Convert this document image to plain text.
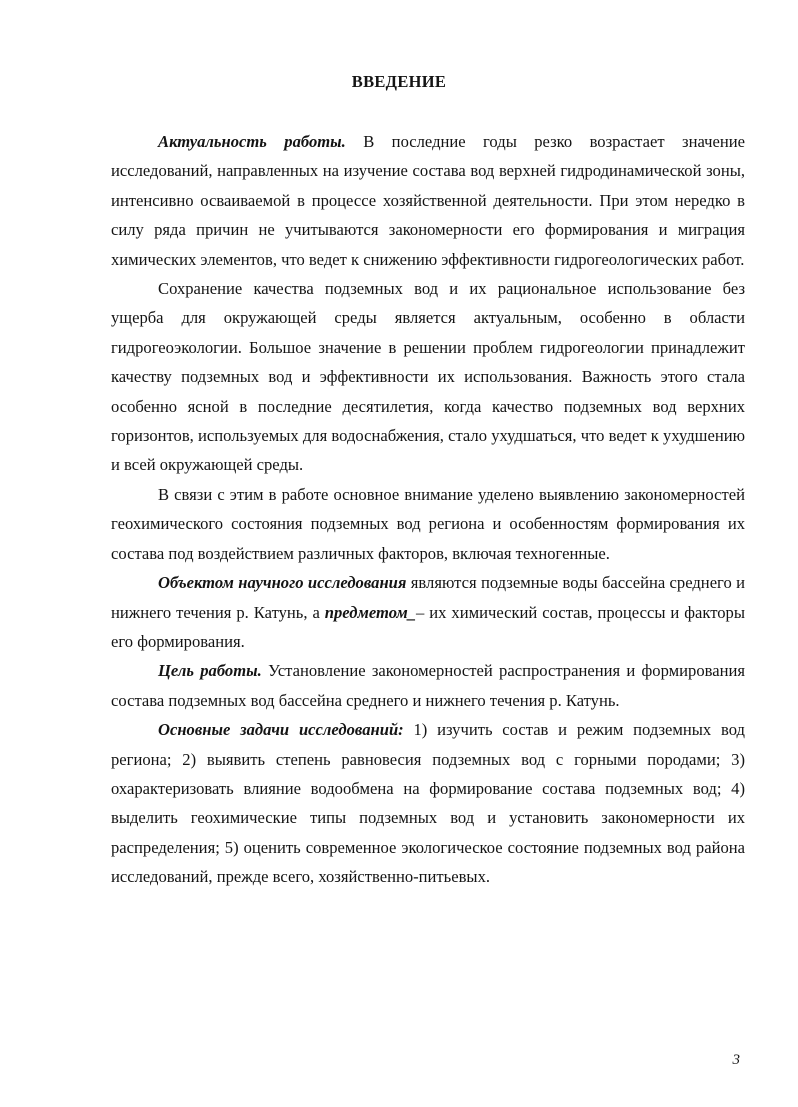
ВВЕДЕНИЕ

Актуальность работы. В последние годы резко возрастает значение исследований, направленных на изучение состава вод верхней гидродинамической зоны, интенсивно осваиваемой в процессе хозяйственной деятельности. При этом нередко в силу ряда причин не учитываются закономерности его формирования и миграция химических элементов, что ведет к снижению эффективности гидрогеологических работ.

Сохранение качества подземных вод и их рациональное использование без ущерба для окружающей среды является актуальным, особенно в области гидрогеоэкологии. Большое значение в решении проблем гидрогеологии принадлежит качеству подземных вод и эффективности их использования. Важность этого стала особенно ясной в последние десятилетия, когда качество подземных вод верхних горизонтов, используемых для водоснабжения, стало ухудшаться, что ведет к ухудшению и всей окружающей среды.

В связи с этим в работе основное внимание уделено выявлению закономерностей геохимического состояния подземных вод региона и особенностям формирования их состава под воздействием различных факторов, включая техногенные.

Объектом научного исследования являются подземные воды бассейна среднего и нижнего течения р. Катунь, а предметом_– их химический состав, процессы и факторы его формирования.

Цель работы. Установление закономерностей распространения и формирования состава подземных вод бассейна среднего и нижнего течения р. Катунь.

Основные задачи исследований: 1) изучить состав и режим подземных вод региона; 2) выявить степень равновесия подземных вод с горными породами; 3) охарактеризовать влияние водообмена на формирование состава подземных вод; 4) выделить геохимические типы подземных вод и установить закономерности их распределения; 5) оценить современное экологическое состояние подземных вод района исследований, прежде всего, хозяйственно-питьевых.

3
